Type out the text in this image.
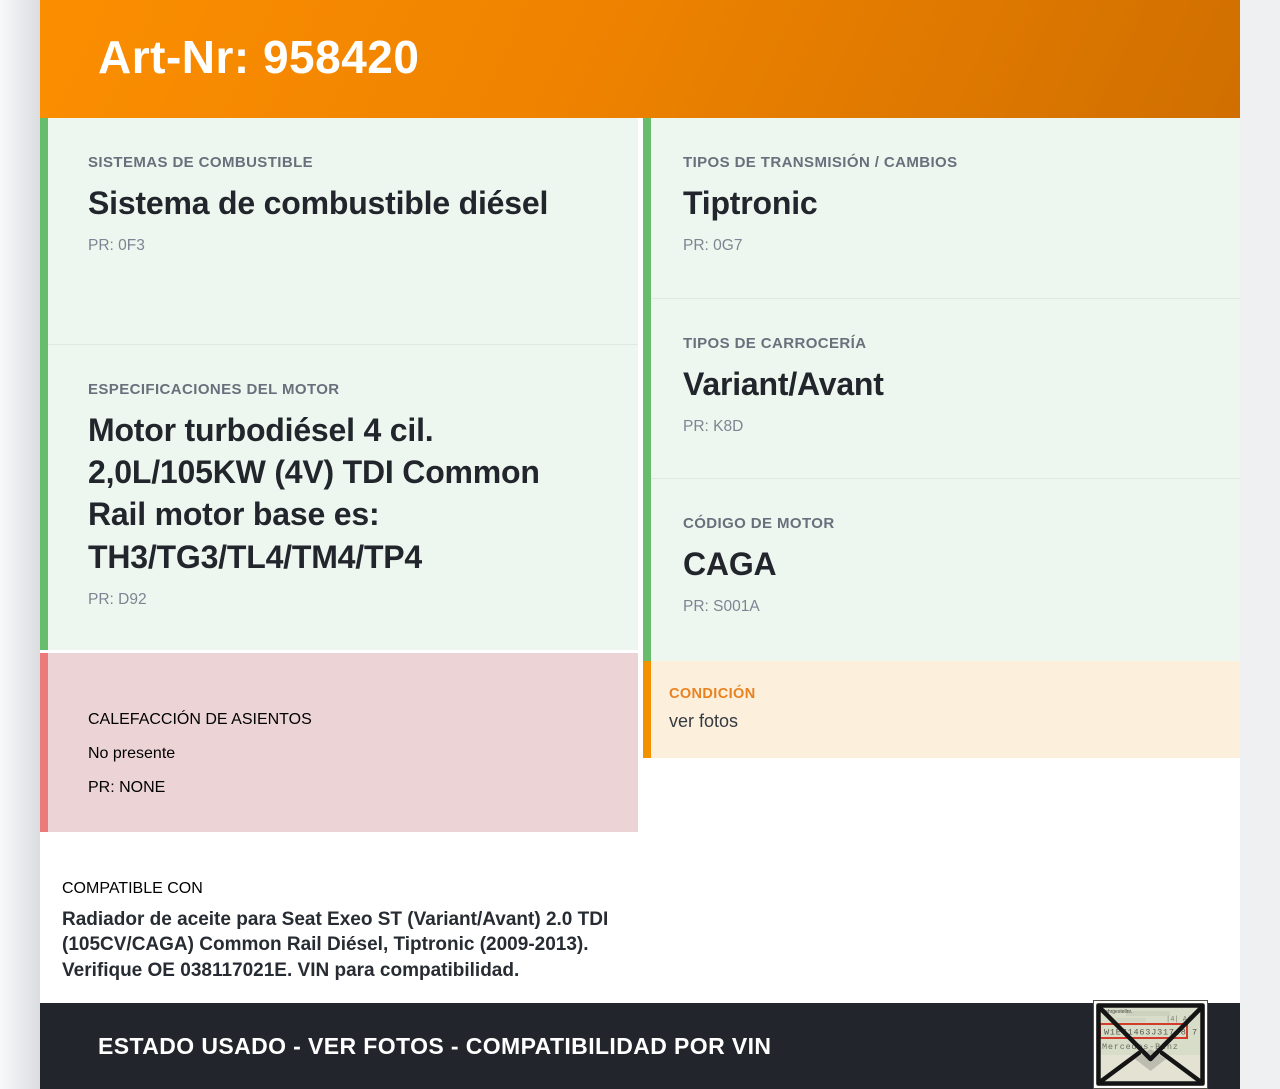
Art-Nr: 958420

SISTEMAS DE COMBUSTIBLE

Sistema de combustible diésel

PR: 0F3

ESPECIFICACIONES DEL MOTOR

Motor turbodiésel 4 cil. 2,0L/105KW (4V) TDI Common Rail motor base es: TH3/TG3/TL4/TM4/TP4

PR: D92

CALEFACCIÓN DE ASIENTOS

No presente

PR: NONE

COMPATIBLE CON

Radiador de aceite para Seat Exeo ST (Variant/Avant) 2.0 TDI (105CV/CAGA) Common Rail Diésel, Tiptronic (2009-2013). Verifique OE 038117021E. VIN para compatibilidad.

TIPOS DE TRANSMISIÓN / CAMBIOS

Tiptronic

PR: 0G7

TIPOS DE CARROCERÍA

Variant/Avant

PR: K8D

CÓDIGO DE MOTOR

CAGA

PR: S001A

CONDICIÓN

ver fotos

ESTADO USADO - VER FOTOS - COMPATIBILIDAD POR VIN

Fahrgestellnr.
|4| Ai
W1E71463J31748 7
Mercedes-Benz
